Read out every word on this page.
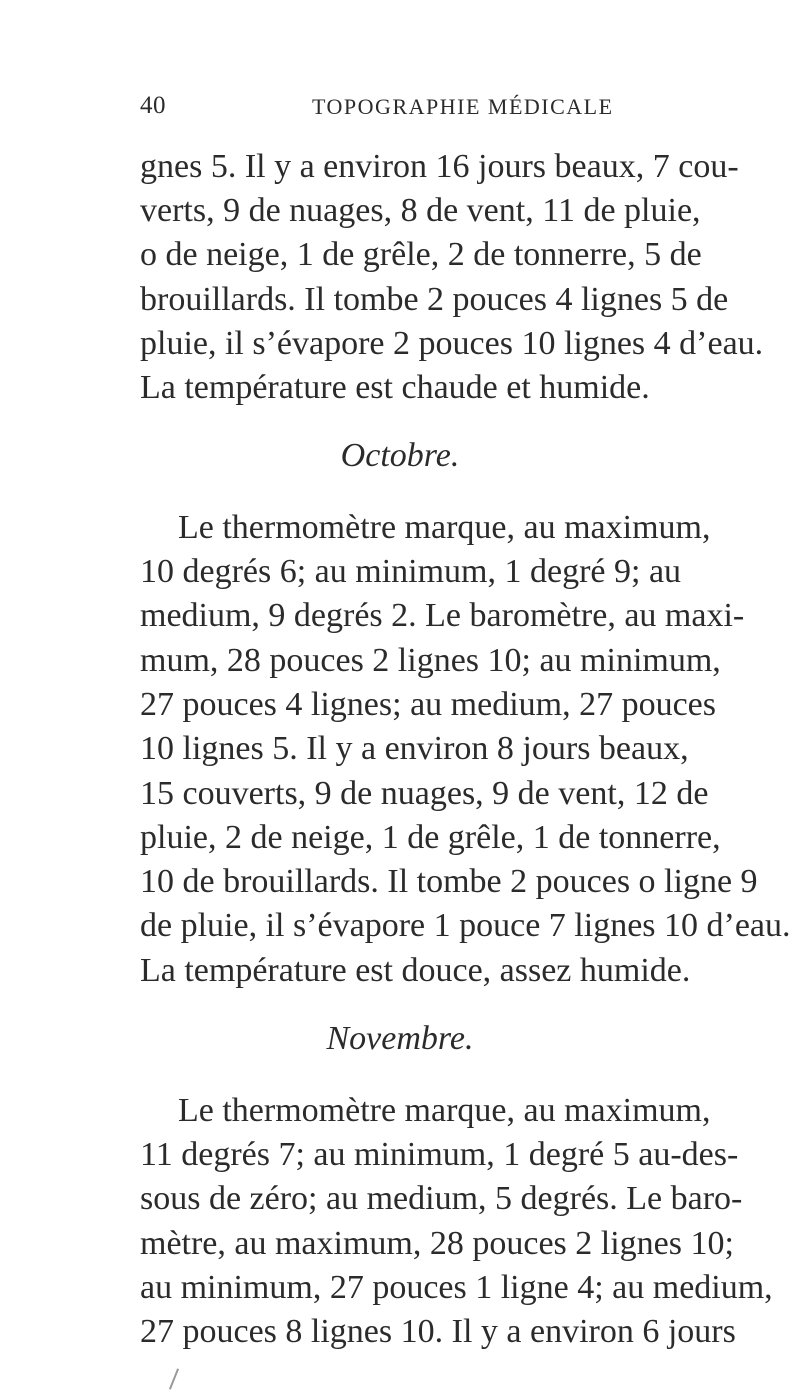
40	TOPOGRAPHIE MÉDICALE
gnes 5. Il y a environ 16 jours beaux, 7 cou-
verts, 9 de nuages, 8 de vent, 11 de pluie,
o de neige, 1 de grêle, 2 de tonnerre, 5 de
brouillards. Il tombe 2 pouces 4 lignes 5 de
pluie, il s’évapore 2 pouces 10 lignes 4 d’eau.
La température est chaude et humide.
Octobre.
Le thermomètre marque, au maximum,
10 degrés 6; au minimum, 1 degré 9; au
medium, 9 degrés 2. Le baromètre, au maxi-
mum, 28 pouces 2 lignes 10; au minimum,
27 pouces 4 lignes; au medium, 27 pouces
10 lignes 5. Il y a environ 8 jours beaux,
15 couverts, 9 de nuages, 9 de vent, 12 de
pluie, 2 de neige, 1 de grêle, 1 de tonnerre,
10 de brouillards. Il tombe 2 pouces o ligne 9
de pluie, il s’évapore 1 pouce 7 lignes 10 d’eau.
La température est douce, assez humide.
Novembre.
Le thermomètre marque, au maximum,
11 degrés 7; au minimum, 1 degré 5 au-des-
sous de zéro; au medium, 5 degrés. Le baro-
mètre, au maximum, 28 pouces 2 lignes 10;
au minimum, 27 pouces 1 ligne 4; au medium,
27 pouces 8 lignes 10. Il y a environ 6 jours
